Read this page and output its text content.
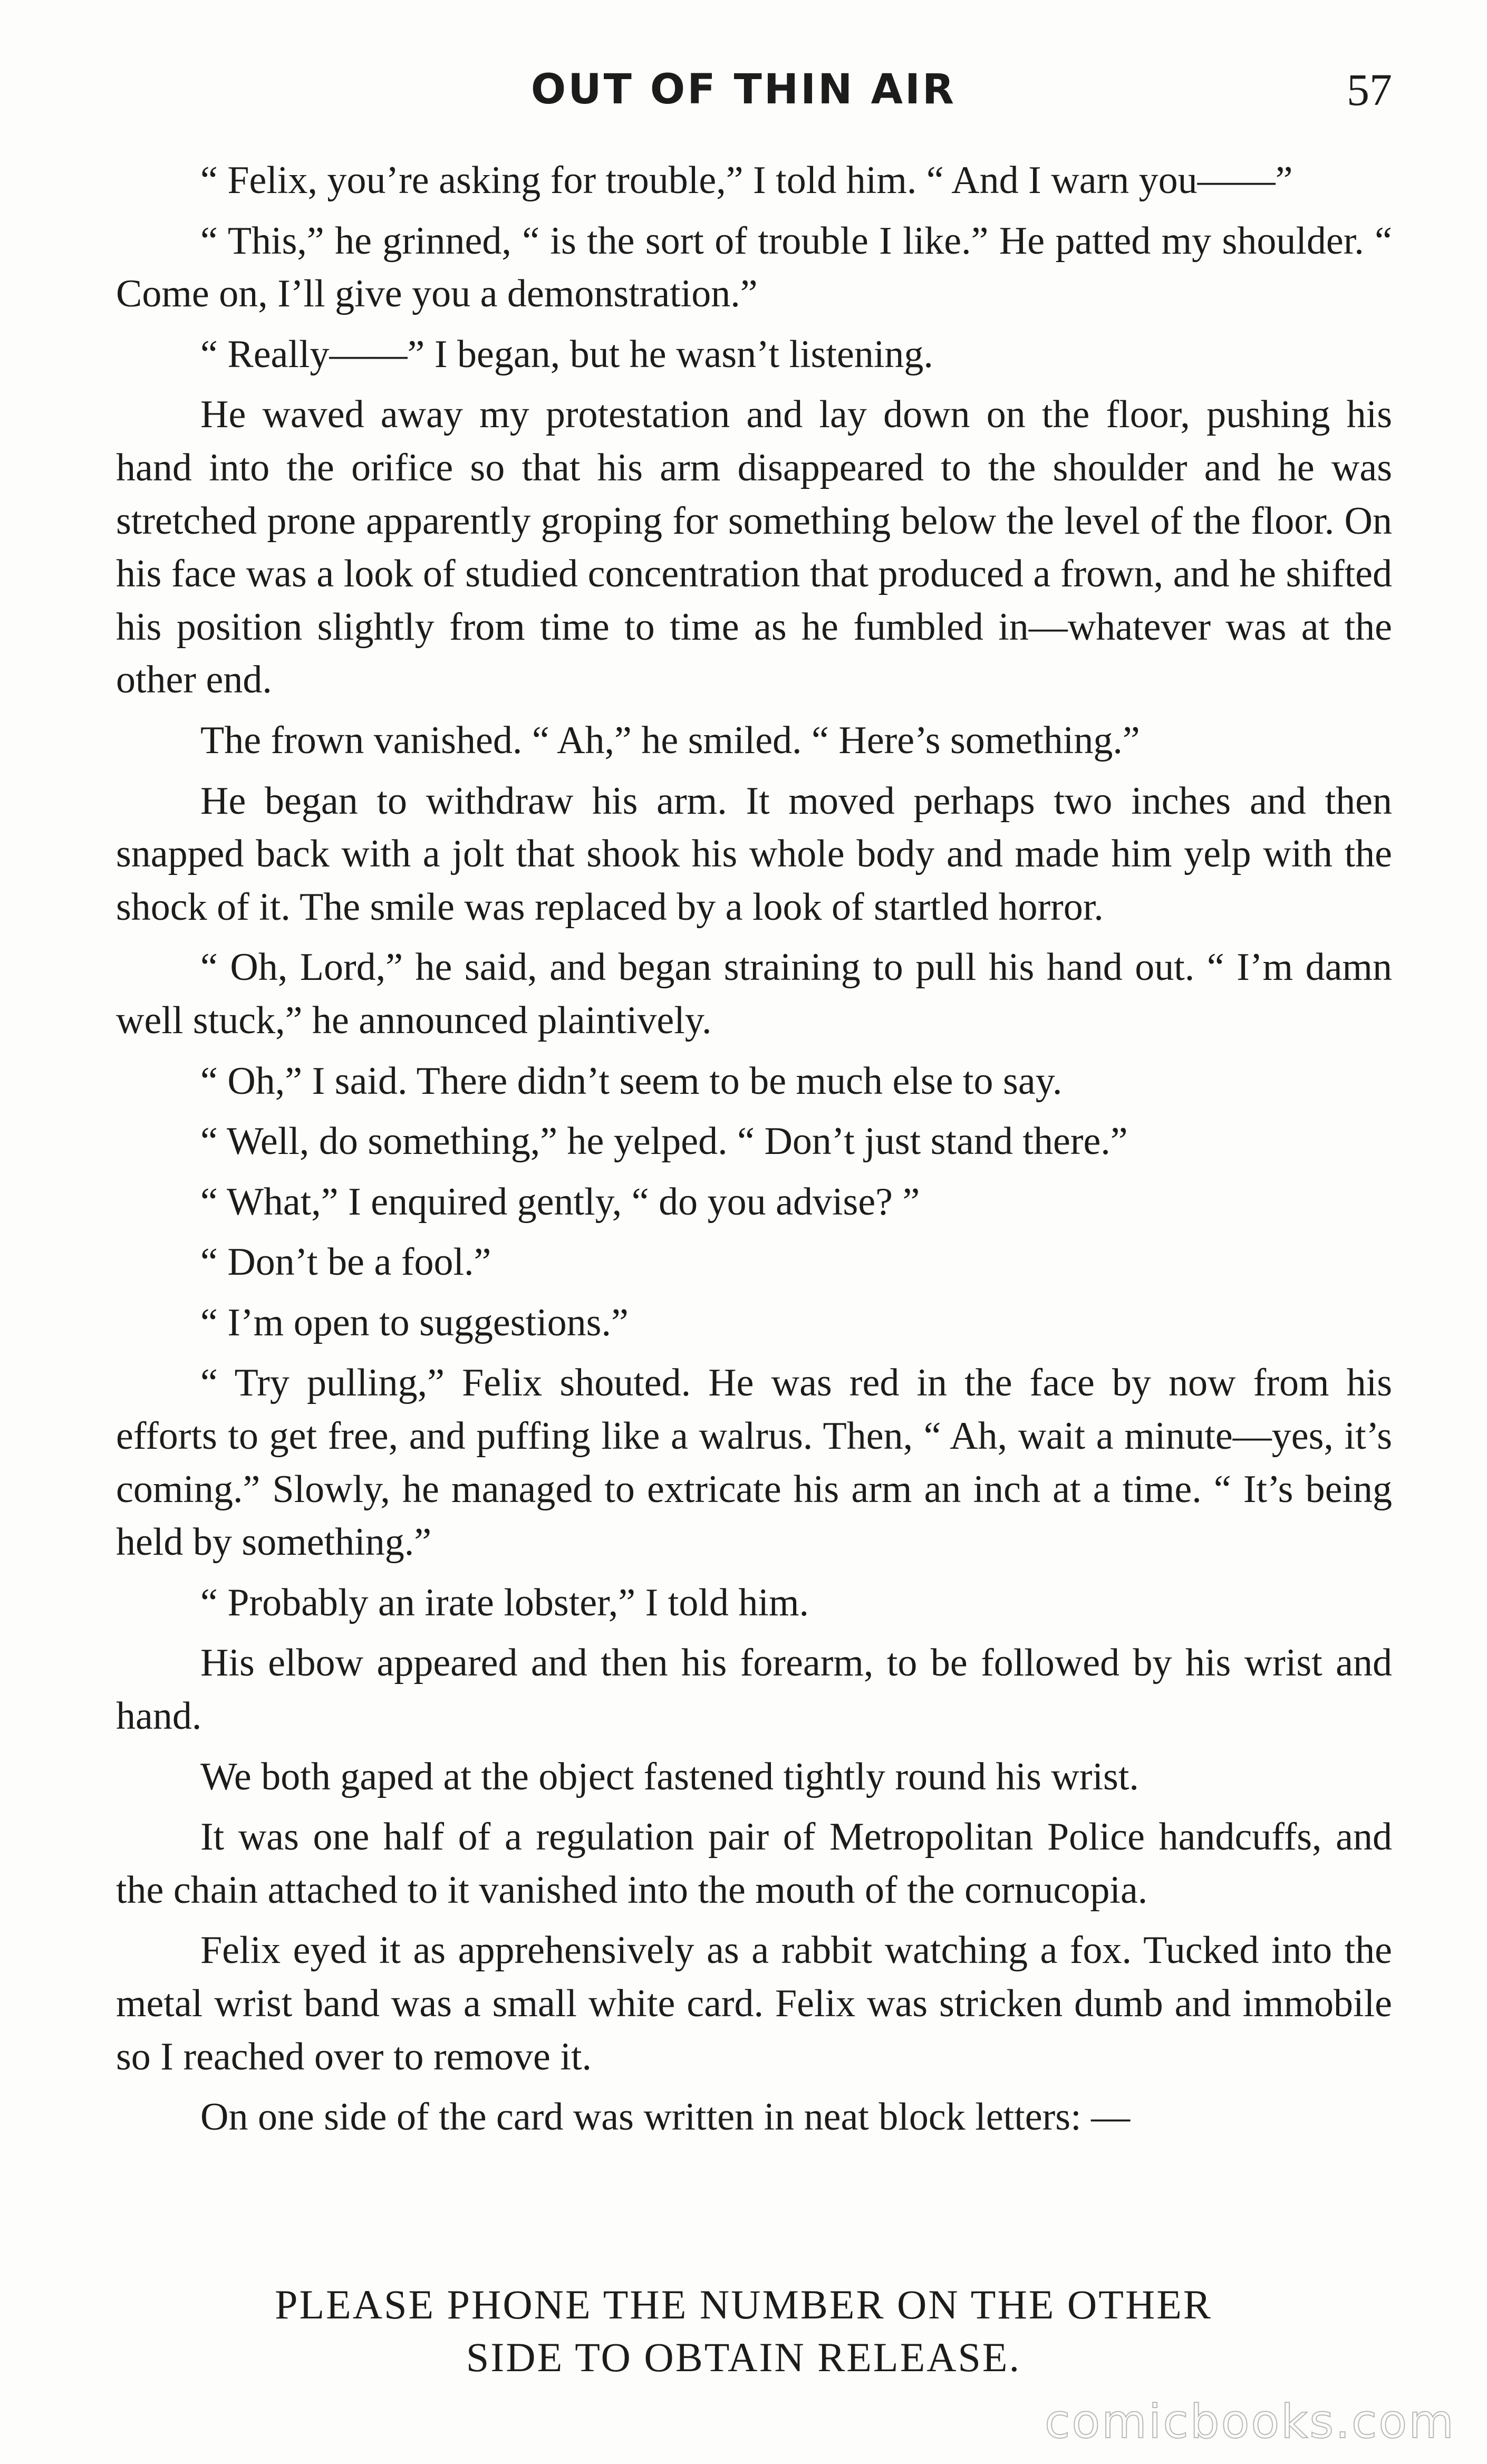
OUT OF THIN AIR	57

“ Felix, you’re asking for trouble,” I told him. “ And I warn you——”

“ This,” he grinned, “ is the sort of trouble I like.” He patted my shoulder. “ Come on, I’ll give you a demonstration.”

“ Really——” I began, but he wasn’t listening.

He waved away my protestation and lay down on the floor, pushing his hand into the orifice so that his arm disappeared to the shoulder and he was stretched prone apparently groping for something below the level of the floor. On his face was a look of studied concentration that produced a frown, and he shifted his position slightly from time to time as he fumbled in—whatever was at the other end.

The frown vanished. “ Ah,” he smiled. “ Here’s something.”

He began to withdraw his arm. It moved perhaps two inches and then snapped back with a jolt that shook his whole body and made him yelp with the shock of it. The smile was replaced by a look of startled horror.

“ Oh, Lord,” he said, and began straining to pull his hand out. “ I’m damn well stuck,” he announced plaintively.

“ Oh,” I said. There didn’t seem to be much else to say.

“ Well, do something,” he yelped. “ Don’t just stand there.”

“ What,” I enquired gently, “ do you advise? ”

“ Don’t be a fool.”

“ I’m open to suggestions.”

“ Try pulling,” Felix shouted. He was red in the face by now from his efforts to get free, and puffing like a walrus. Then, “ Ah, wait a minute—yes, it’s coming.” Slowly, he managed to extricate his arm an inch at a time. “ It’s being held by something.”

“ Probably an irate lobster,” I told him.

His elbow appeared and then his forearm, to be followed by his wrist and hand.

We both gaped at the object fastened tightly round his wrist.

It was one half of a regulation pair of Metropolitan Police handcuffs, and the chain attached to it vanished into the mouth of the cornucopia.

Felix eyed it as apprehensively as a rabbit watching a fox. Tucked into the metal wrist band was a small white card. Felix was stricken dumb and immobile so I reached over to remove it.

On one side of the card was written in neat block letters: —

PLEASE PHONE THE NUMBER ON THE OTHER
SIDE TO OBTAIN RELEASE.
comicbooks.com
